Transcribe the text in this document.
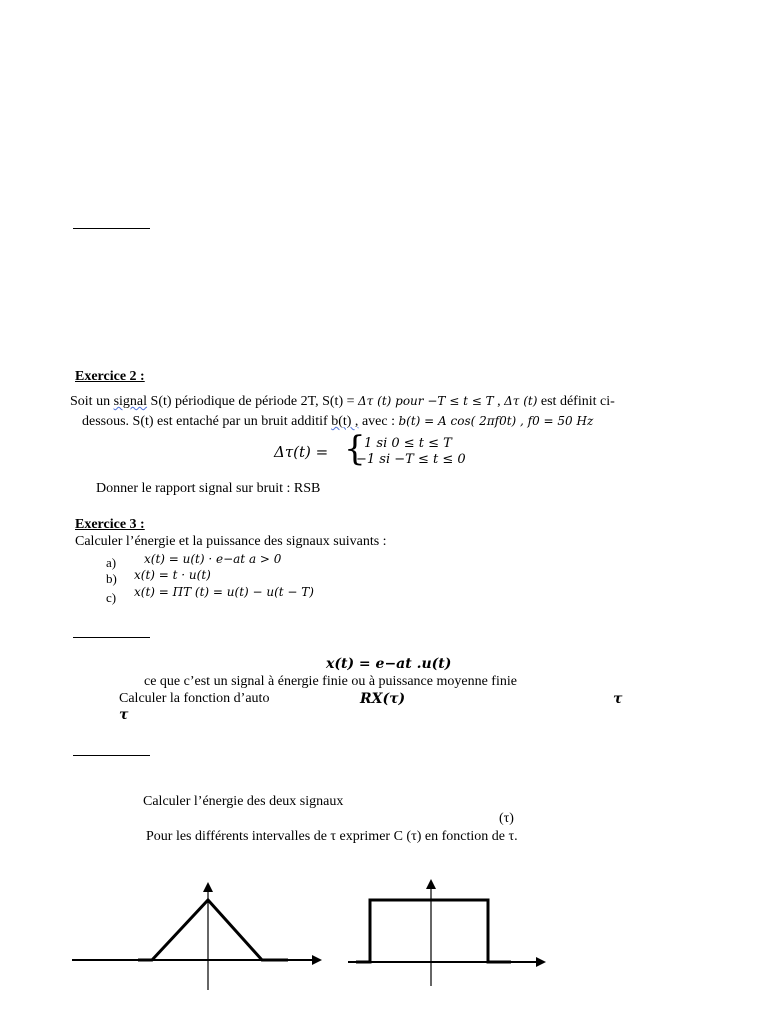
Exercice 2 :
Soit un signal S(t) périodique de période 2T, S(t) = Δτ (t) pour −T ≤ t ≤ T , Δτ (t) est définit ci-
dessous. S(t) est entaché par un bruit additif b(t) , avec : b(t) = A cos( 2πf0t) , f0 = 50 Hz
Δτ(t) = {
1 si 0 ≤ t ≤ T
−1 si −T ≤ t ≤ 0
Donner le rapport signal sur bruit : RSB
Exercice 3 :
Calculer l’énergie et la puissance des signaux suivants :
a) x(t) = u(t) · e−at a > 0
b) x(t) = t · u(t)
c) x(t) = ΠT (t) = u(t) − u(t − T)
x(t) = e−at .u(t)
ce que c’est un signal à énergie finie ou à puissance moyenne finie
Calculer la fonction d’auto	RX(τ)	τ
τ
Calculer l’énergie des deux signaux
(τ)
Pour les différents intervalles de τ exprimer C (τ) en fonction de τ.
